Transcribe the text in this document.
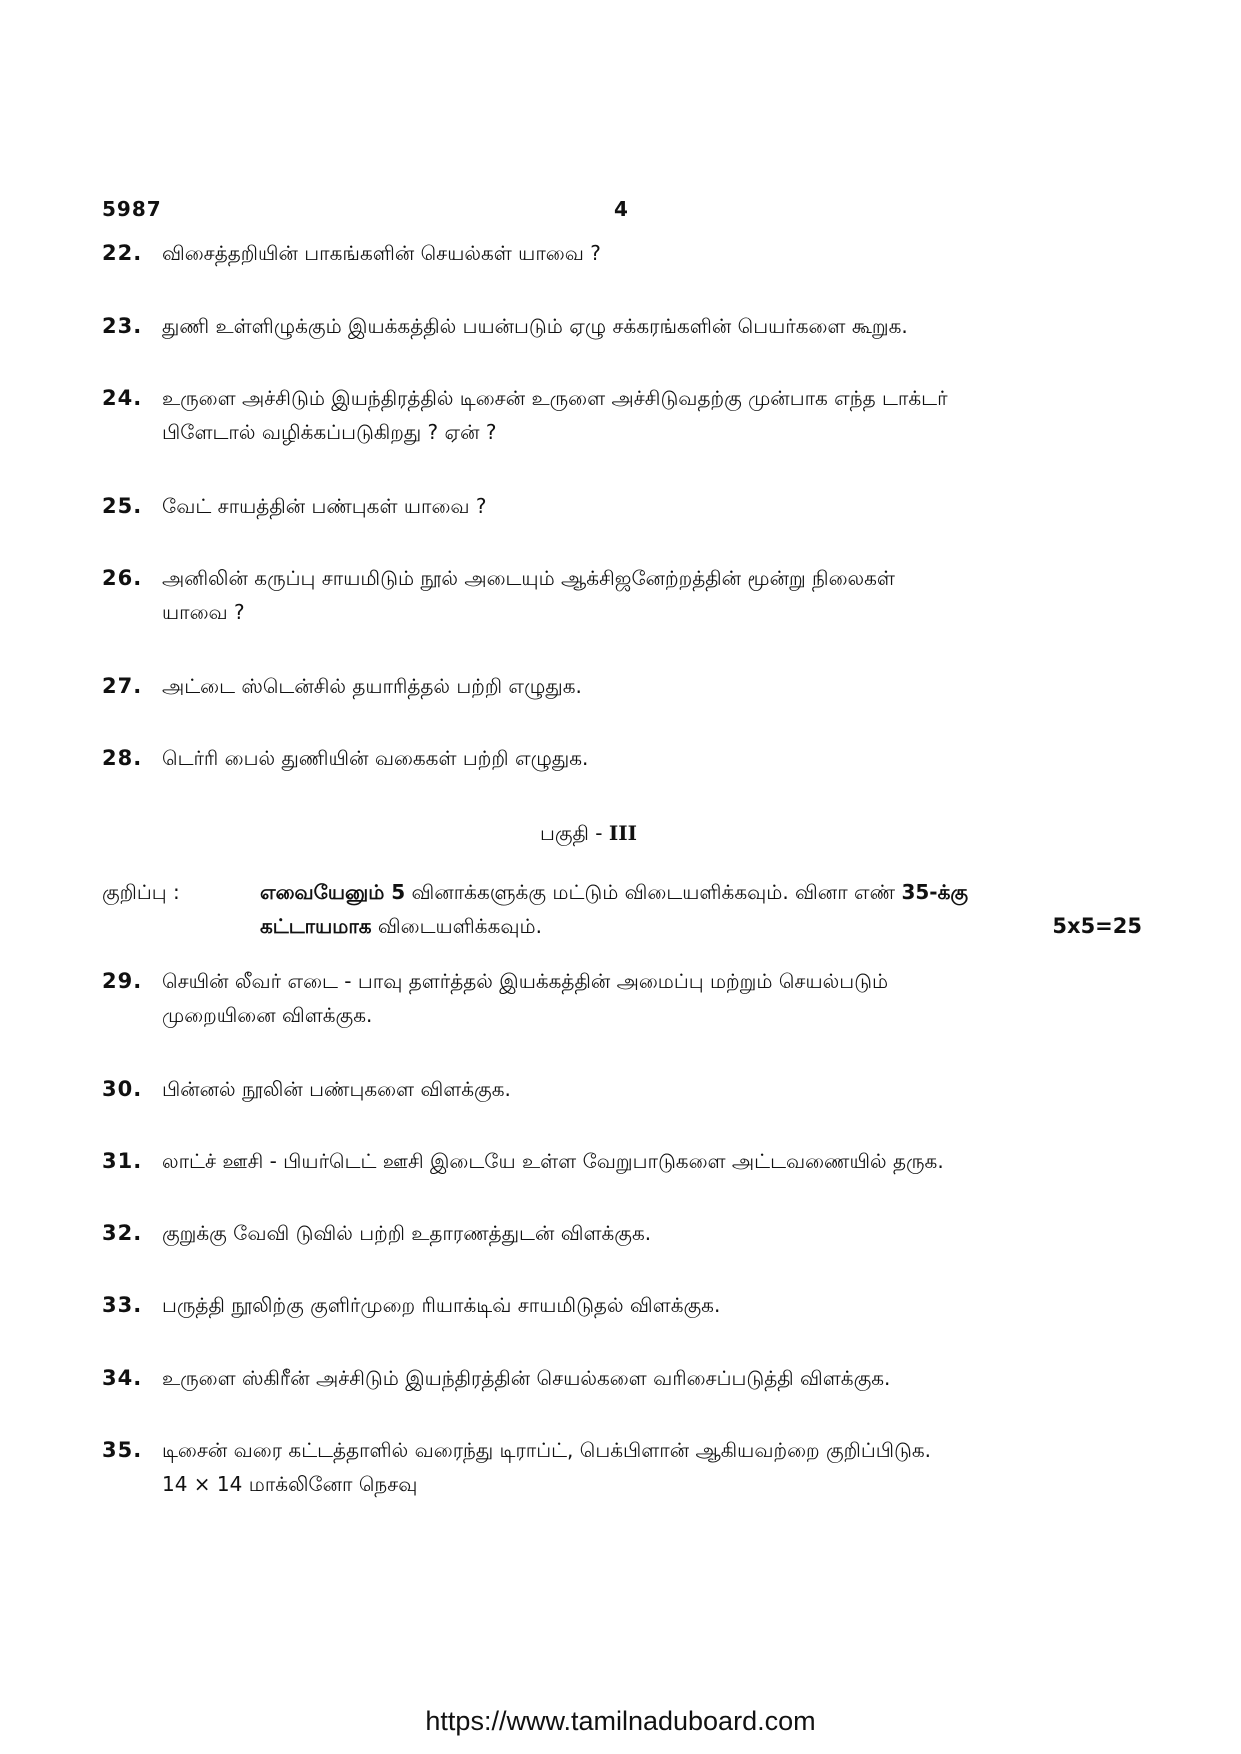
5987	4
22. விசைத்தறியின் பாகங்களின் செயல்கள் யாவை ?
23. துணி உள்ளிழுக்கும் இயக்கத்தில் பயன்படும் ஏழு சக்கரங்களின் பெயர்களை கூறுக.
24. உருளை அச்சிடும் இயந்திரத்தில் டிசைன் உருளை அச்சிடுவதற்கு முன்பாக எந்த டாக்டர்
பிளேடால் வழிக்கப்படுகிறது ? ஏன் ?
25. வேட் சாயத்தின் பண்புகள் யாவை ?
26. அனிலின் கருப்பு சாயமிடும் நூல் அடையும் ஆக்சிஜனேற்றத்தின் மூன்று நிலைகள்
யாவை ?
27. அட்டை ஸ்டென்சில் தயாரித்தல் பற்றி எழுதுக.
28. டெர்ரி பைல் துணியின் வகைகள் பற்றி எழுதுக.
பகுதி - III
குறிப்பு :	எவையேனும் 5 வினாக்களுக்கு மட்டும் விடையளிக்கவும். வினா எண் 35-க்கு
கட்டாயமாக விடையளிக்கவும்.	5x5=25
29. செயின் லீவர் எடை - பாவு தளர்த்தல் இயக்கத்தின் அமைப்பு மற்றும் செயல்படும்
முறையினை விளக்குக.
30. பின்னல் நூலின் பண்புகளை விளக்குக.
31. லாட்ச் ஊசி - பியர்டெட் ஊசி இடையே உள்ள வேறுபாடுகளை அட்டவணையில் தருக.
32. குறுக்கு வேவி டுவில் பற்றி உதாரணத்துடன் விளக்குக.
33. பருத்தி நூலிற்கு குளிர்முறை ரியாக்டிவ் சாயமிடுதல் விளக்குக.
34. உருளை ஸ்கிரீன் அச்சிடும் இயந்திரத்தின் செயல்களை வரிசைப்படுத்தி விளக்குக.
35. டிசைன் வரை கட்டத்தாளில் வரைந்து டிராப்ட், பெக்பிளான் ஆகியவற்றை குறிப்பிடுக.
14 × 14 மாக்லினோ நெசவு
https://www.tamilnaduboard.com
